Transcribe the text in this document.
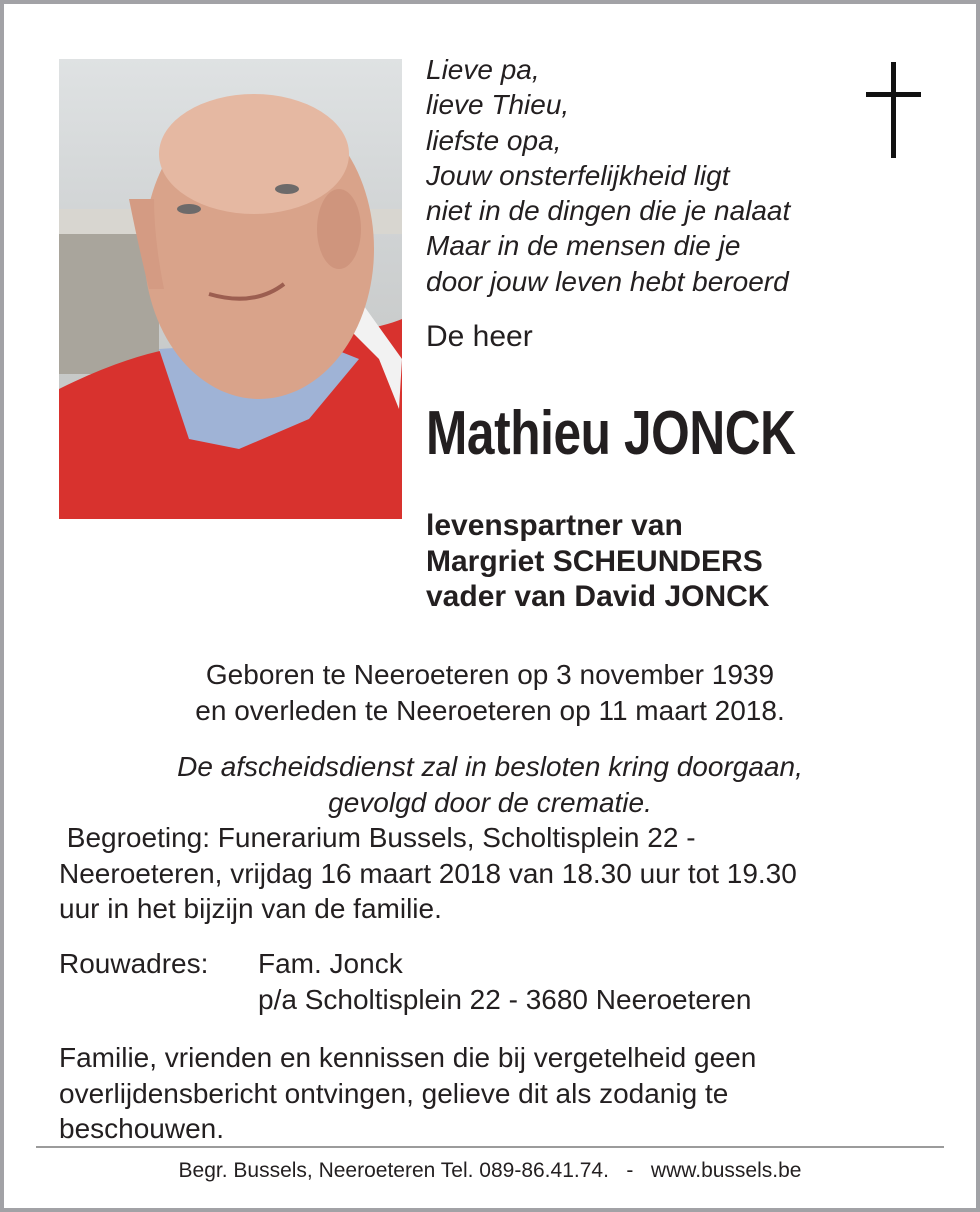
Lieve pa,
lieve Thieu,
liefste opa,
Jouw onsterfelijkheid ligt
niet in de dingen die je nalaat
Maar in de mensen die je
door jouw leven hebt beroerd
De heer
Mathieu JONCK
levenspartner van
Margriet SCHEUNDERS
vader van David JONCK
Geboren te Neeroeteren op 3 november 1939
en overleden te Neeroeteren op 11 maart 2018.
De afscheidsdienst zal in besloten kring doorgaan,
gevolgd door de crematie.
Begroeting: Funerarium Bussels, Scholtisplein 22 -
Neeroeteren, vrijdag 16 maart 2018 van 18.30 uur tot 19.30
uur in het bijzijn van de familie.
Rouwadres: Fam. Jonck
p/a Scholtisplein 22 - 3680 Neeroeteren
Familie, vrienden en kennissen die bij vergetelheid geen
overlijdensbericht ontvingen, gelieve dit als zodanig te
beschouwen.
Begr. Bussels, Neeroeteren Tel. 089-86.41.74.   -   www.bussels.be
